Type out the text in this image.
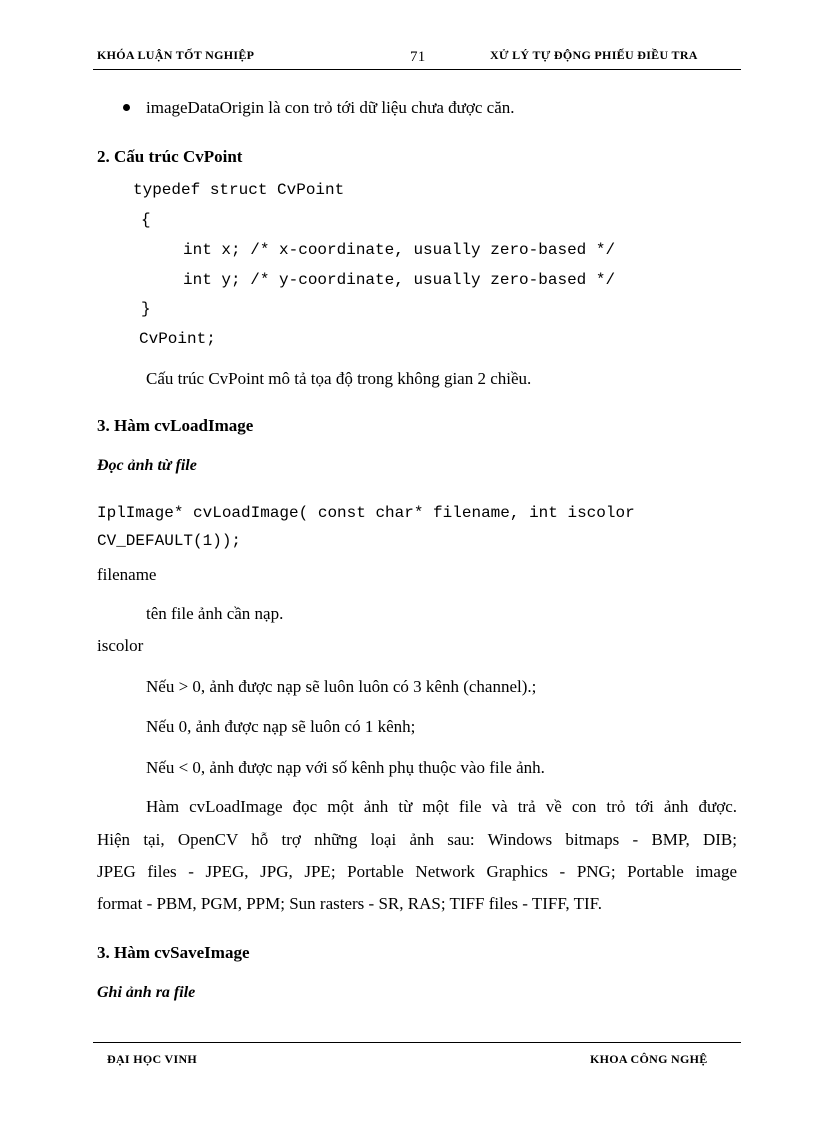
KHÓA LUẬN TỐT NGHIỆP	71	XỬ LÝ TỰ ĐỘNG PHIẾU ĐIỀU TRA
imageDataOrigin là con trỏ tới dữ liệu chưa được căn.
2. Cấu trúc CvPoint
typedef struct CvPoint
{
int x; /* x-coordinate, usually zero-based */
int y; /* y-coordinate, usually zero-based */
}
CvPoint;
Cấu trúc CvPoint mô tả tọa độ trong không gian 2 chiều.
3. Hàm cvLoadImage
Đọc ảnh từ file
IplImage* cvLoadImage( const char* filename, int iscolor
CV_DEFAULT(1));
filename
tên file ảnh cần nạp.
iscolor
Nếu > 0, ảnh được nạp sẽ luôn luôn có 3 kênh (channel).;
Nếu 0, ảnh được nạp sẽ luôn có 1 kênh;
Nếu < 0, ảnh được nạp với số kênh phụ thuộc vào file ảnh.
Hàm cvLoadImage đọc một ảnh từ một file và trả về con trỏ tới ảnh được.
Hiện tại, OpenCV hỗ trợ những loại ảnh sau: Windows bitmaps - BMP, DIB;
JPEG files - JPEG, JPG, JPE; Portable Network Graphics - PNG; Portable image
format - PBM, PGM, PPM; Sun rasters - SR, RAS; TIFF files - TIFF, TIF.
3. Hàm cvSaveImage
Ghi ảnh ra file
ĐẠI HỌC VINH	KHOA CÔNG NGHỆ
